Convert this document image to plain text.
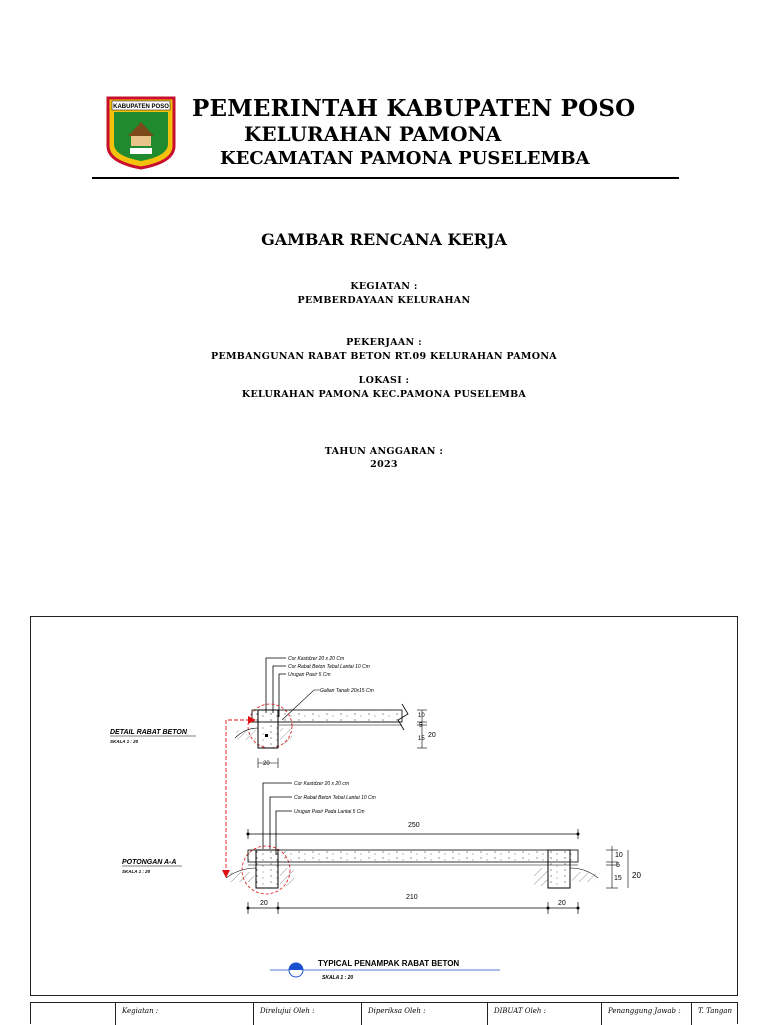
KABUPATEN POSO PEMERINTAH KABUPATEN POSO
KELURAHAN PAMONA
KECAMATAN PAMONA PUSELEMBA
GAMBAR RENCANA KERJA
KEGIATAN :
PEMBERDAYAAN KELURAHAN
PEKERJAAN :
PEMBANGUNAN RABAT BETON RT.09 KELURAHAN PAMONA
LOKASI :
KELURAHAN PAMONA KEC.PAMONA PUSELEMBA
TAHUN ANGGARAN :
2023
DETAIL RABAT BETON
SKALA 1 : 20
Cor Kastdzer 20 x 20 Cm
Cor Rabat Beton Tebal Lantai 10 Cm
Urugan Pasir 5 Cm
Galian Tanah 20x15 Cm
10
5
15 20
20
POTONGAN A-A
SKALA 1 : 20
Cor Kastdzer 20 x 20 cm
Cor Rabat Beton Tebal Lantai 10 Cm
Urugan Pasir Pada Lantai 5 Cm
250
10
5
15 20
20
210
20
TYPICAL PENAMPAK RABAT BETON
SKALA 1 : 20
Kegiatan :	Direlujui Oleh :	Diperiksa Oleh :	DIBUAT Oleh :	Penanggung Jawab :	T. Tangan
